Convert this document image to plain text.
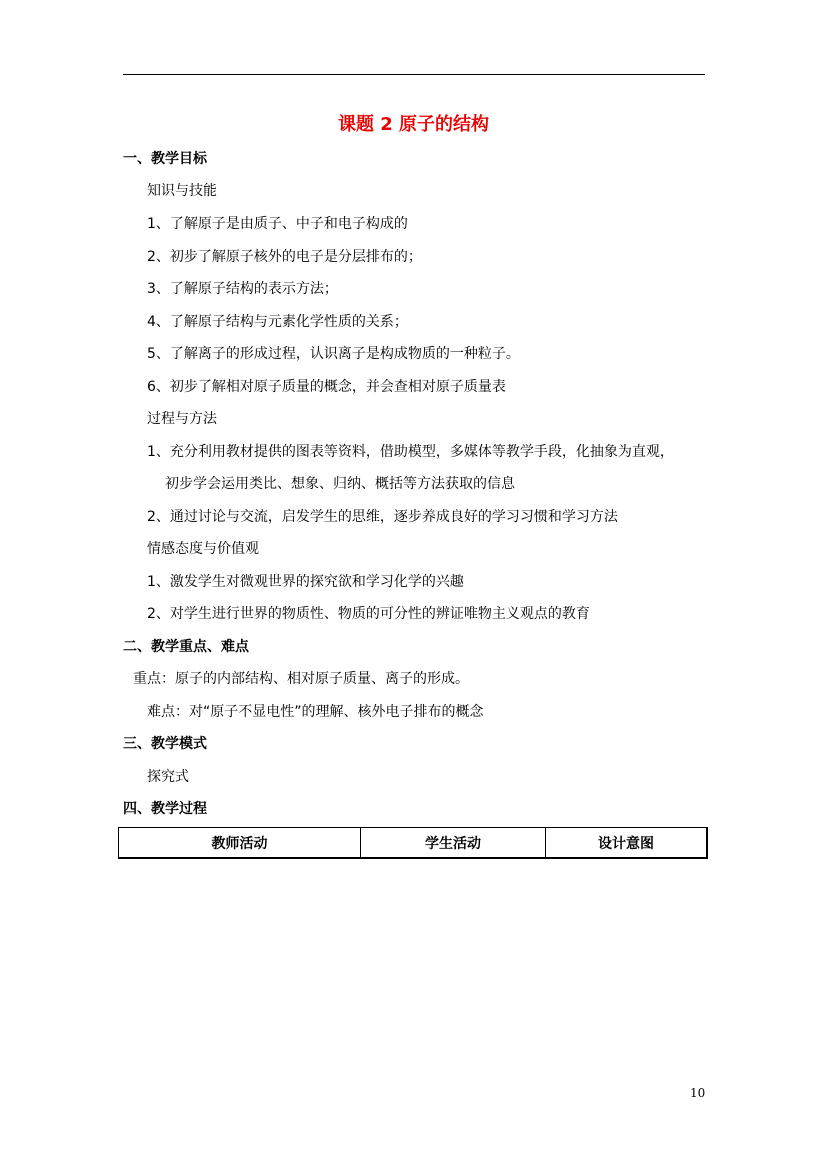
课题 2 原子的结构
一、教学目标
知识与技能
1、了解原子是由质子、中子和电子构成的
2、初步了解原子核外的电子是分层排布的；
3、了解原子结构的表示方法；
4、了解原子结构与元素化学性质的关系；
5、了解离子的形成过程，认识离子是构成物质的一种粒子。
6、初步了解相对原子质量的概念，并会查相对原子质量表
过程与方法
1、充分利用教材提供的图表等资料，借助模型，多媒体等教学手段，化抽象为直观，
初步学会运用类比、想象、归纳、概括等方法获取的信息
2、通过讨论与交流，启发学生的思维，逐步养成良好的学习习惯和学习方法
情感态度与价值观
1、激发学生对微观世界的探究欲和学习化学的兴趣
2、对学生进行世界的物质性、物质的可分性的辨证唯物主义观点的教育
二、教学重点、难点
重点：原子的内部结构、相对原子质量、离子的形成。
难点：对“原子不显电性”的理解、核外电子排布的概念
三、教学模式
探究式
四、教学过程
教师活动	学生活动	设计意图
10
